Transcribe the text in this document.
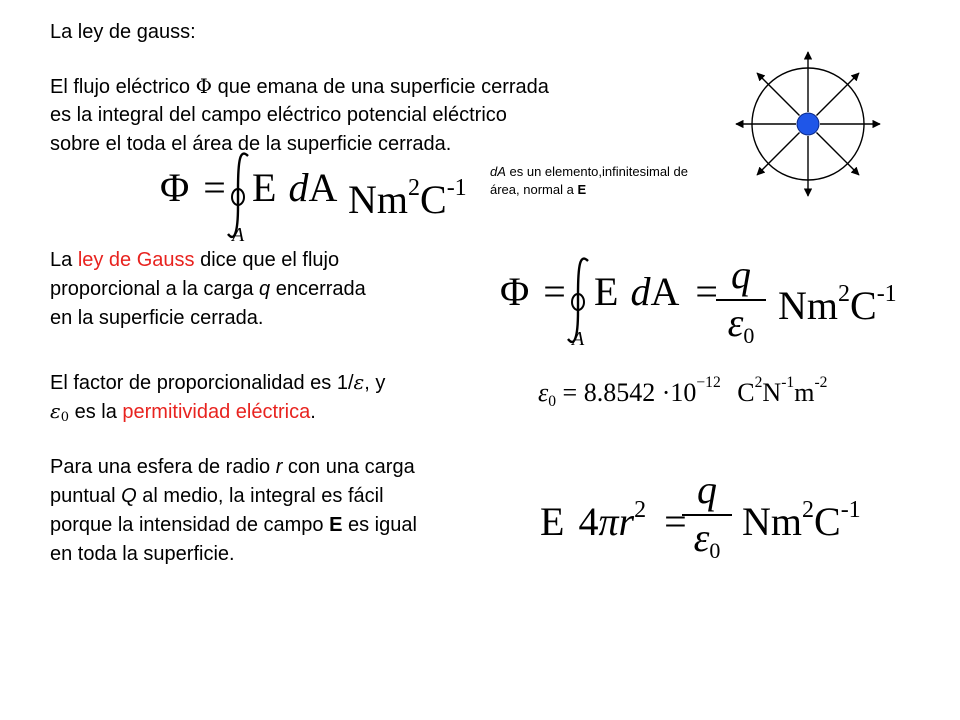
La ley de gauss:
El flujo eléctrico Φ que emana de una superficie cerrada
es la integral del campo eléctrico potencial eléctrico
sobre el toda el área de la superficie cerrada.
dA es un elemento,infinitesimal de
área, normal a E
Φ =
A
E dA Nm2C-1
La ley de Gauss dice que el flujo
proporcional a la carga q encerrada
en la superficie cerrada.
Φ =
A
E dA = q
ε0
Nm2C-1
El factor de proporcionalidad es 1/ε, y
ε0 es la permitividad eléctrica.
ε0 = 8.8542 ·10−12 C2N-1m-2
Para una esfera de radio r con una carga
puntual Q al medio, la integral es fácil
porque la intensidad de campo E es igual
en toda la superficie.
E 4πr2 =
q
ε0
Nm2C-1
